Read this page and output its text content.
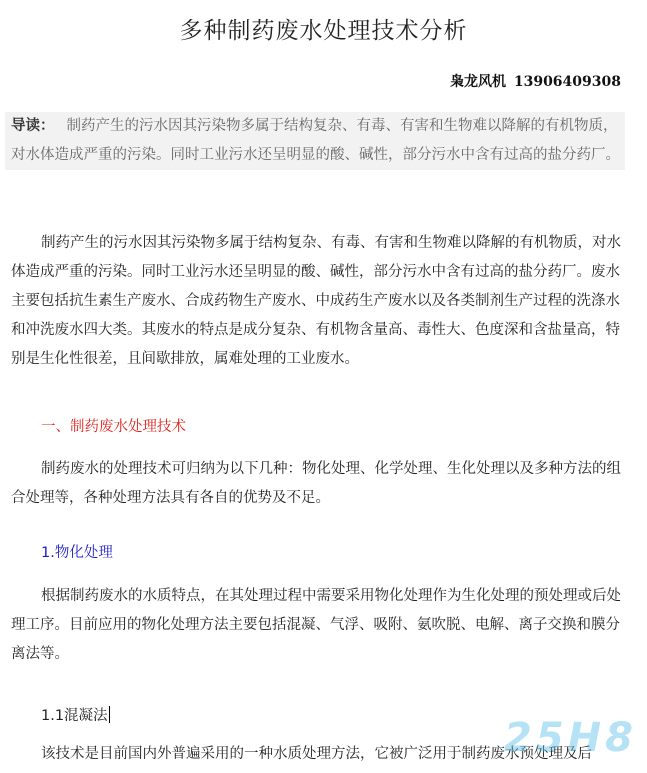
多种制药废水处理技术分析
枭龙风机 13906409308
导读： 制药产生的污水因其污染物多属于结构复杂、有毒、有害和生物难以降解的有机物质，对水体造成严重的污染。同时工业污水还呈明显的酸、碱性，部分污水中含有过高的盐分药厂。

制药产生的污水因其污染物多属于结构复杂、有毒、有害和生物难以降解的有机物质，对水体造成严重的污染。同时工业污水还呈明显的酸、碱性，部分污水中含有过高的盐分药厂。废水主要包括抗生素生产废水、合成药物生产废水、中成药生产废水以及各类制剂生产过程的洗涤水和冲洗废水四大类。其废水的特点是成分复杂、有机物含量高、毒性大、色度深和含盐量高，特别是生化性很差，且间歇排放，属难处理的工业废水。

一、制药废水处理技术

制药废水的处理技术可归纳为以下几种：物化处理、化学处理、生化处理以及多种方法的组合处理等，各种处理方法具有各自的优势及不足。

1.物化处理

根据制药废水的水质特点，在其处理过程中需要采用物化处理作为生化处理的预处理或后处理工序。目前应用的物化处理方法主要包括混凝、气浮、吸附、氨吹脱、电解、离子交换和膜分离法等。

1.1混凝法

该技术是目前国内外普遍采用的一种水质处理方法，它被广泛用于制药废水预处理及后

25H8
